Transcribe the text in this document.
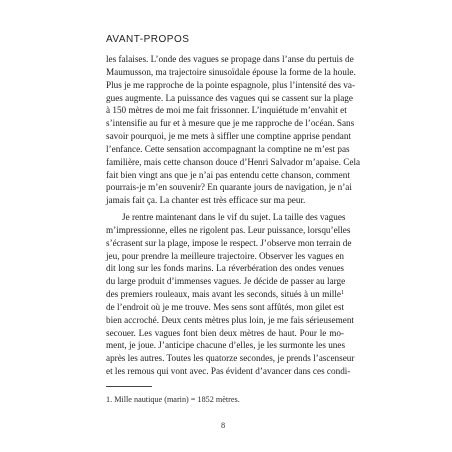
AVANT-PROPOS
les falaises. L’onde des vagues se propage dans l’anse du pertuis de
Maumusson, ma trajectoire sinusoïdale épouse la forme de la houle.
Plus je me rapproche de la pointe espagnole, plus l’intensité des va-
gues augmente. La puissance des vagues qui se cassent sur la plage
à 150 mètres de moi me fait frissonner. L’inquiétude m’envahit et
s’intensifie au fur et à mesure que je me rapproche de l’océan. Sans
savoir pourquoi, je me mets à siffler une comptine apprise pendant
l’enfance. Cette sensation accompagnant la comptine ne m’est pas
familière, mais cette chanson douce d’Henri Salvador m’apaise. Cela
fait bien vingt ans que je n’ai pas entendu cette chanson, comment
pourrais-je m’en souvenir? En quarante jours de navigation, je n’ai
jamais fait ça. La chanter est très efficace sur ma peur.
Je rentre maintenant dans le vif du sujet. La taille des vagues
m’impressionne, elles ne rigolent pas. Leur puissance, lorsqu’elles
s’écrasent sur la plage, impose le respect. J’observe mon terrain de
jeu, pour prendre la meilleure trajectoire. Observer les vagues en
dit long sur les fonds marins. La réverbération des ondes venues
du large produit d’immenses vagues. Je décide de passer au large
des premiers rouleaux, mais avant les seconds, situés à un mille$^1$
de l’endroit où je me trouve. Mes sens sont affûtés, mon gilet est
bien accroché. Deux cents mètres plus loin, je me fais sérieusement
secouer. Les vagues font bien deux mètres de haut. Pour le mo-
ment, je joue. J’anticipe chacune d’elles, je les surmonte les unes
après les autres. Toutes les quatorze secondes, je prends l’ascenseur
et les remous qui vont avec. Pas évident d’avancer dans ces condi-
1. Mille nautique (marin) = 1852 mètres.
8
